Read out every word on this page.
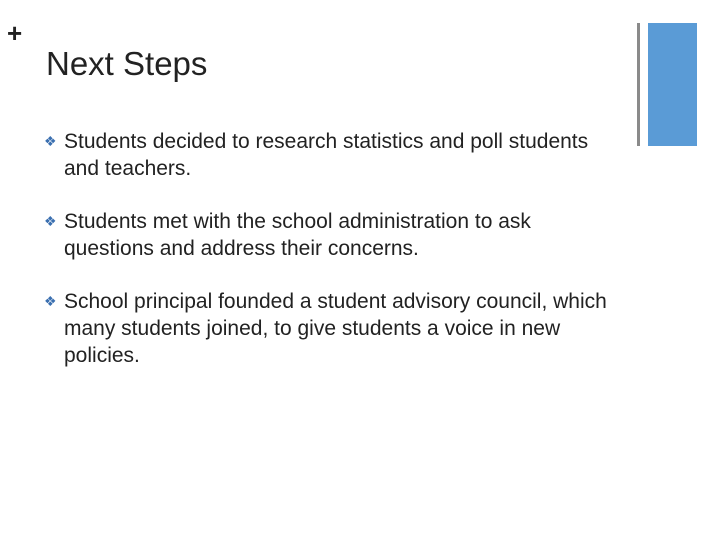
+
Next Steps
❖ Students decided to research statistics and poll students and teachers.
❖ Students met with the school administration to ask questions and address their concerns.
❖ School principal founded a student advisory council, which many students joined, to give students a voice in new policies.
